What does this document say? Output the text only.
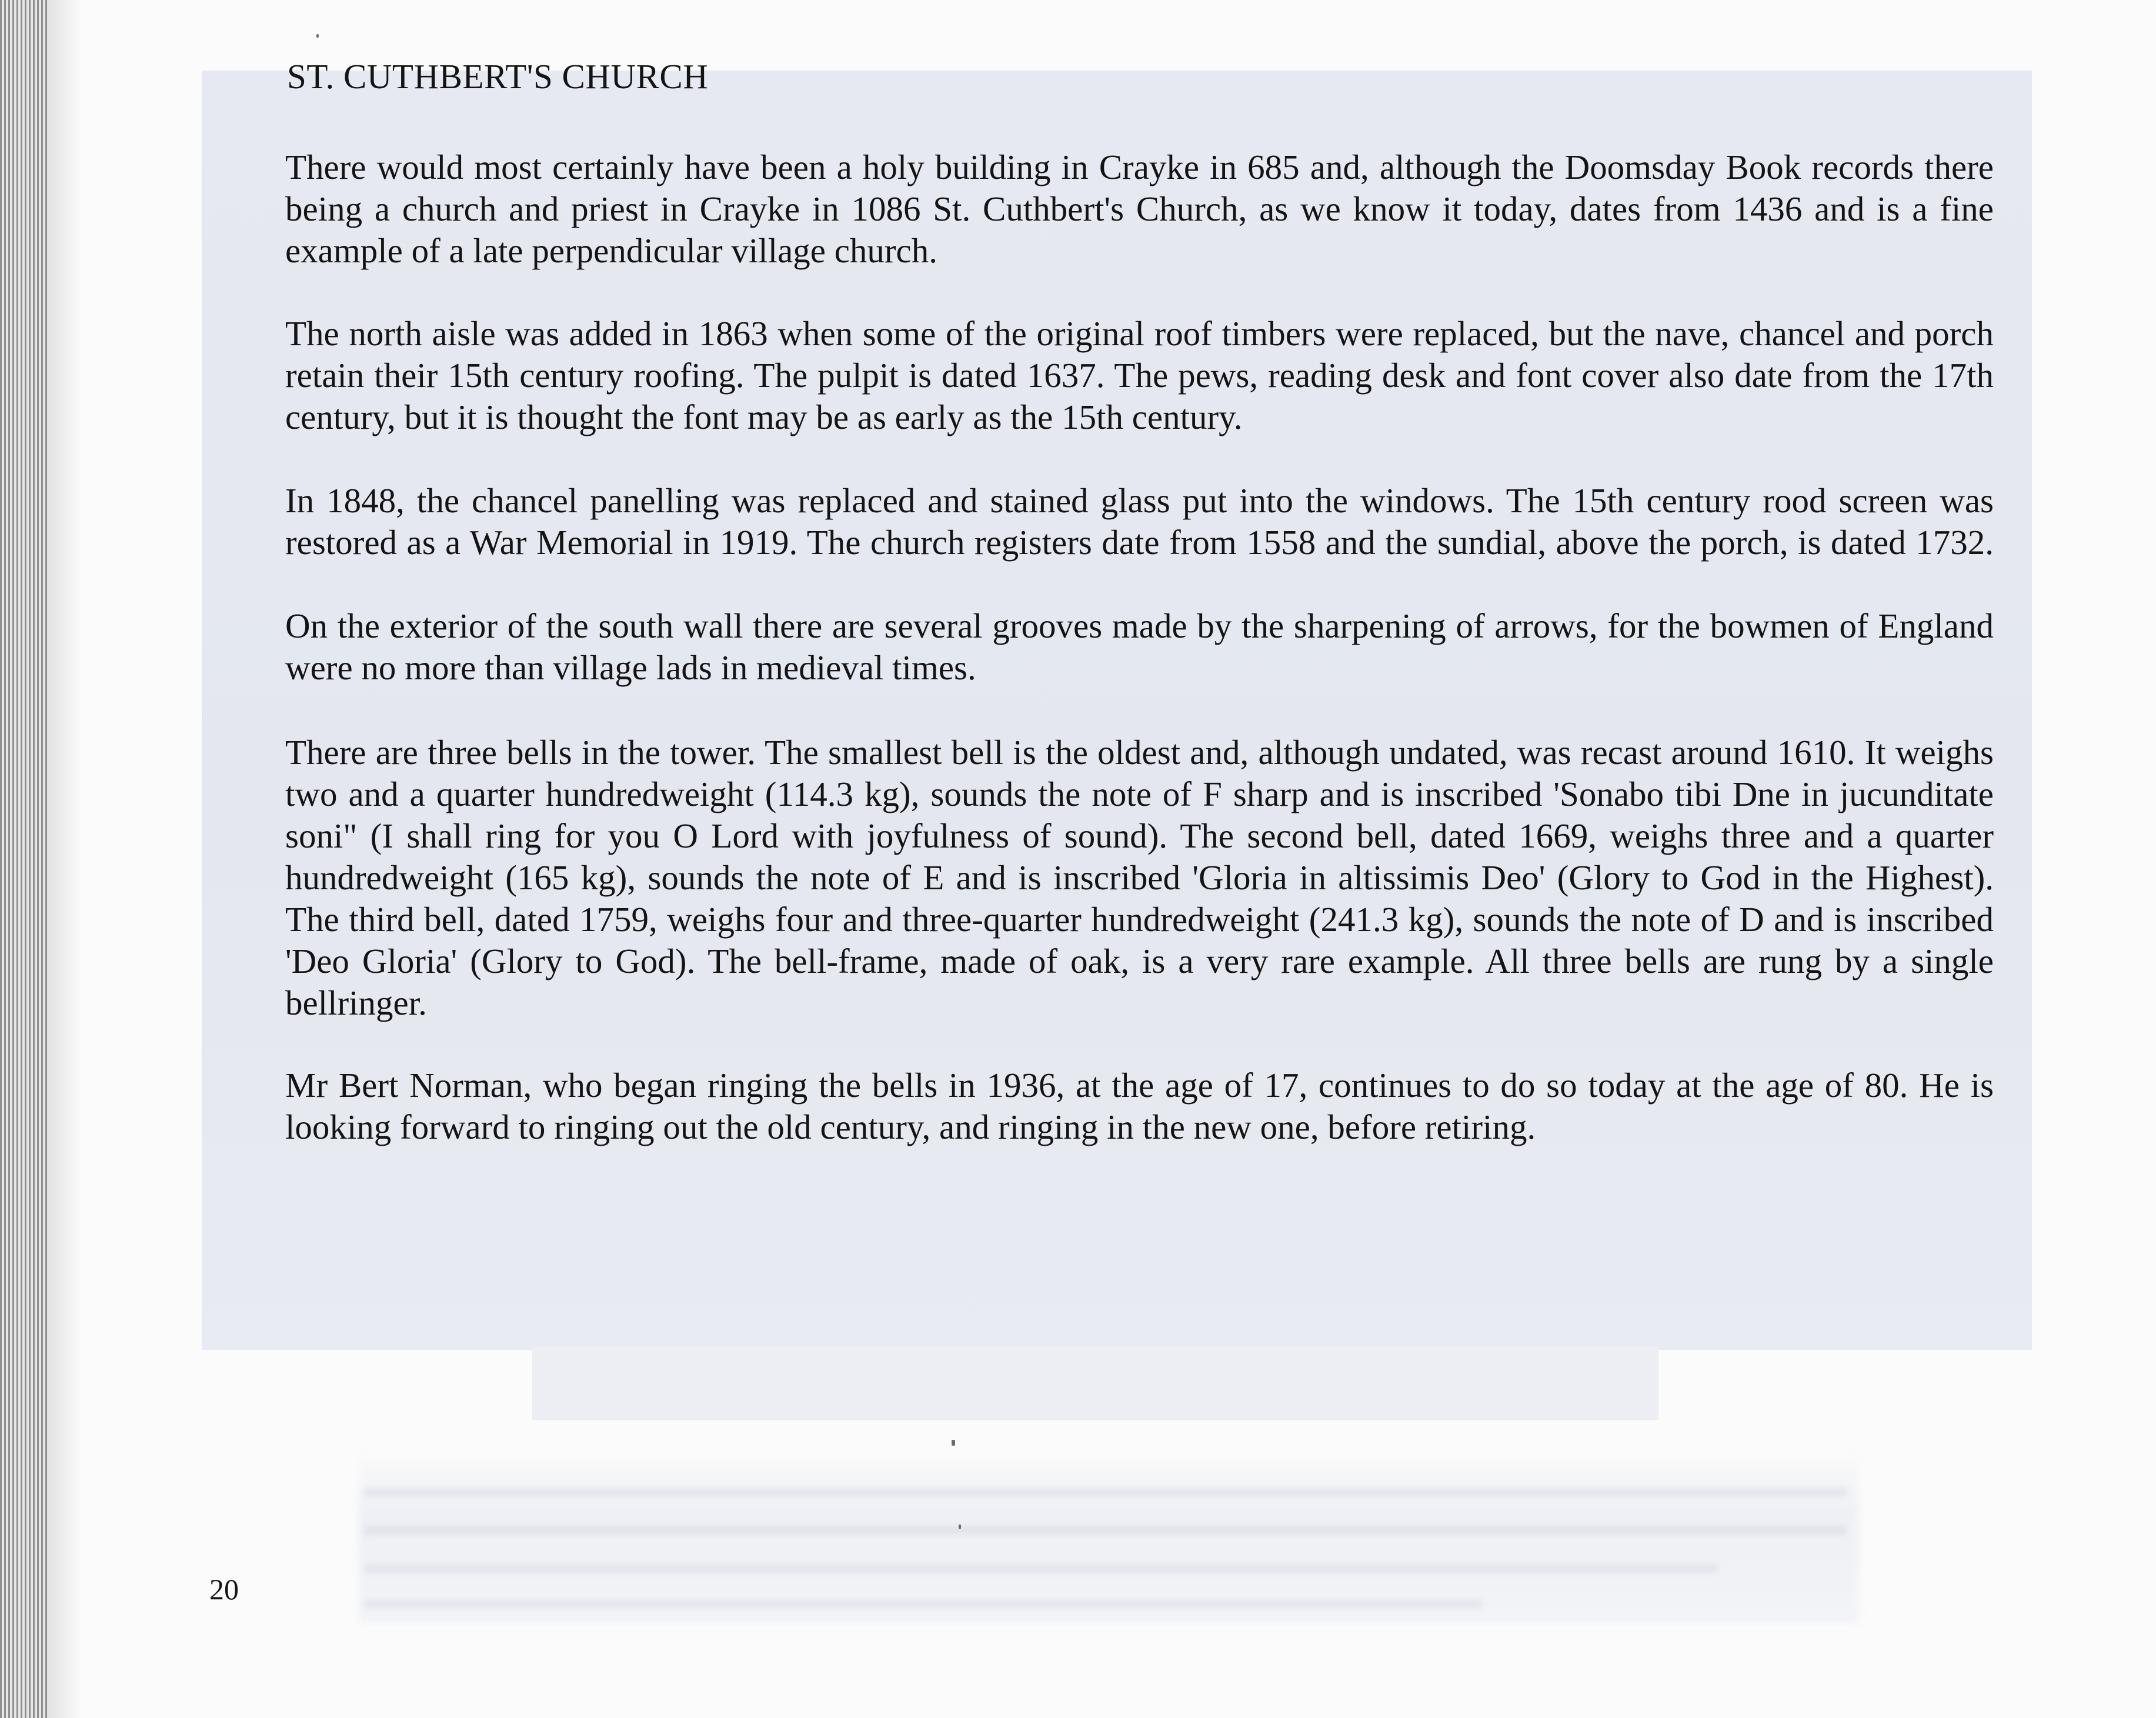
ST. CUTHBERT'S CHURCH
There would most certainly have been a holy building in Crayke in 685 and, although the Doomsday Book records there
being a church and priest in Crayke in 1086 St. Cuthbert's Church, as we know it today, dates from 1436 and is a fine
example of a late perpendicular village church.
The north aisle was added in 1863 when some of the original roof timbers were replaced, but the nave, chancel and porch
retain their 15th century roofing. The pulpit is dated 1637. The pews, reading desk and font cover also date from the 17th
century, but it is thought the font may be as early as the 15th century.
In 1848, the chancel panelling was replaced and stained glass put into the windows. The 15th century rood screen was
restored as a War Memorial in 1919. The church registers date from 1558 and the sundial, above the porch, is dated 1732.
On the exterior of the south wall there are several grooves made by the sharpening of arrows, for the bowmen of England
were no more than village lads in medieval times.
There are three bells in the tower. The smallest bell is the oldest and, although undated, was recast around 1610. It weighs
two and a quarter hundredweight (114.3 kg), sounds the note of F sharp and is inscribed 'Sonabo tibi Dne in jucunditate
soni" (I shall ring for you O Lord with joyfulness of sound). The second bell, dated 1669, weighs three and a quarter
hundredweight (165 kg), sounds the note of E and is inscribed 'Gloria in altissimis Deo' (Glory to God in the Highest).
The third bell, dated 1759, weighs four and three-quarter hundredweight (241.3 kg), sounds the note of D and is inscribed
'Deo Gloria' (Glory to God). The bell-frame, made of oak, is a very rare example. All three bells are rung by a single
bellringer.
Mr Bert Norman, who began ringing the bells in 1936, at the age of 17, continues to do so today at the age of 80. He is
looking forward to ringing out the old century, and ringing in the new one, before retiring.
20
